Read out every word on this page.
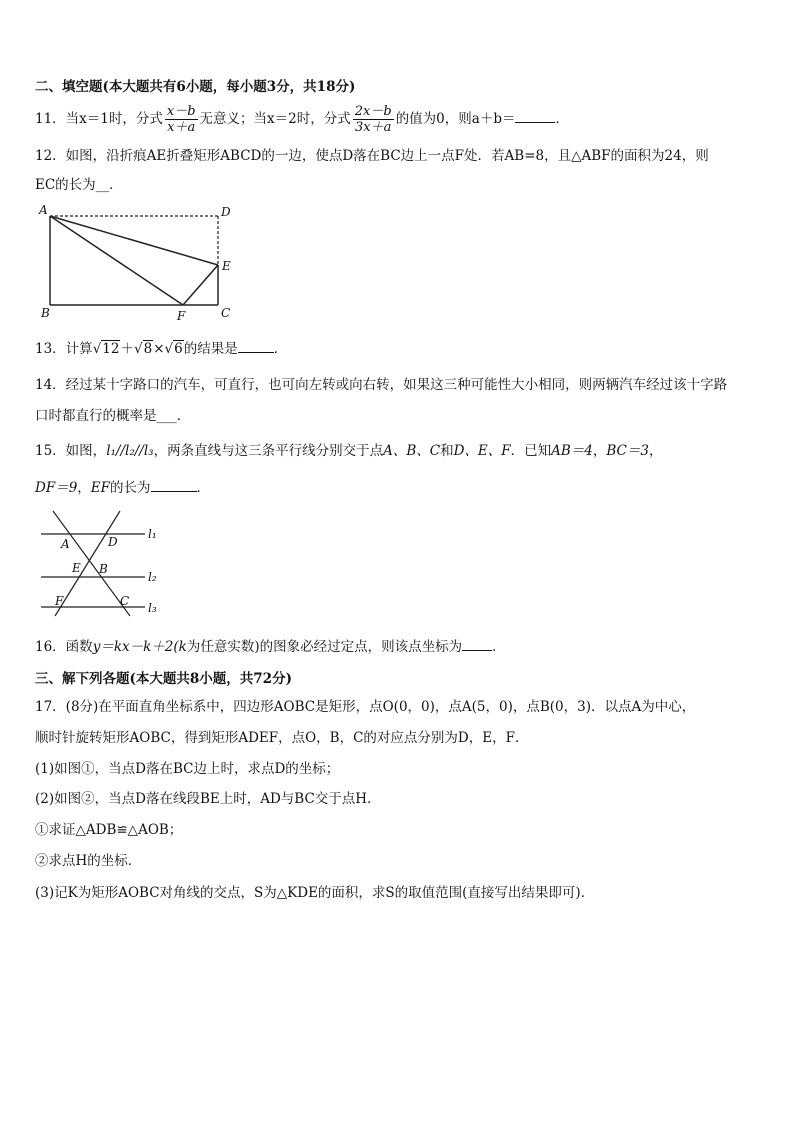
二、填空题(本大题共有6小题，每小题3分，共18分)
11．当x＝1时，分式 $\frac{x-b}{x+a}$ 无意义；当x＝2时，分式 $\frac{2x-b}{3x+a}$ 的值为0，则a＋b＝	．
12．如图，沿折痕AE折叠矩形ABCD的一边，使点D落在BC边上一点F处．若AB=8，且△ABF的面积为24，则
EC的长为__．
A	D
E
B	F	C
13．计算√12＋√8×√6的结果是	．
14．经过某十字路口的汽车，可直行，也可向左转或向右转，如果这三种可能性大小相同，则两辆汽车经过该十字路
口时都直行的概率是___．
15．如图，l₁//l₂//l₃，两条直线与这三条平行线分别交于点A、B、C和D、E、F．已知AB＝4，BC＝3，
DF＝9，EF的长为	．
A	D
E B
F	C
l₁
l₂
l₃
16．函数y＝kx－k＋2(k为任意实数)的图象必经过定点，则该点坐标为 ．
三、解下列各题(本大题共8小题，共72分)
17．(8分)在平面直角坐标系中，四边形AOBC是矩形，点O(0，0)，点A(5，0)，点B(0，3)．以点A为中心，
顺时针旋转矩形AOBC，得到矩形ADEF，点O，B，C的对应点分别为D，E，F．
(1)如图①，当点D落在BC边上时，求点D的坐标；
(2)如图②，当点D落在线段BE上时，AD与BC交于点H．
①求证△ADB≌△AOB；
②求点H的坐标．
(3)记K为矩形AOBC对角线的交点，S为△KDE的面积，求S的取值范围(直接写出结果即可)．
